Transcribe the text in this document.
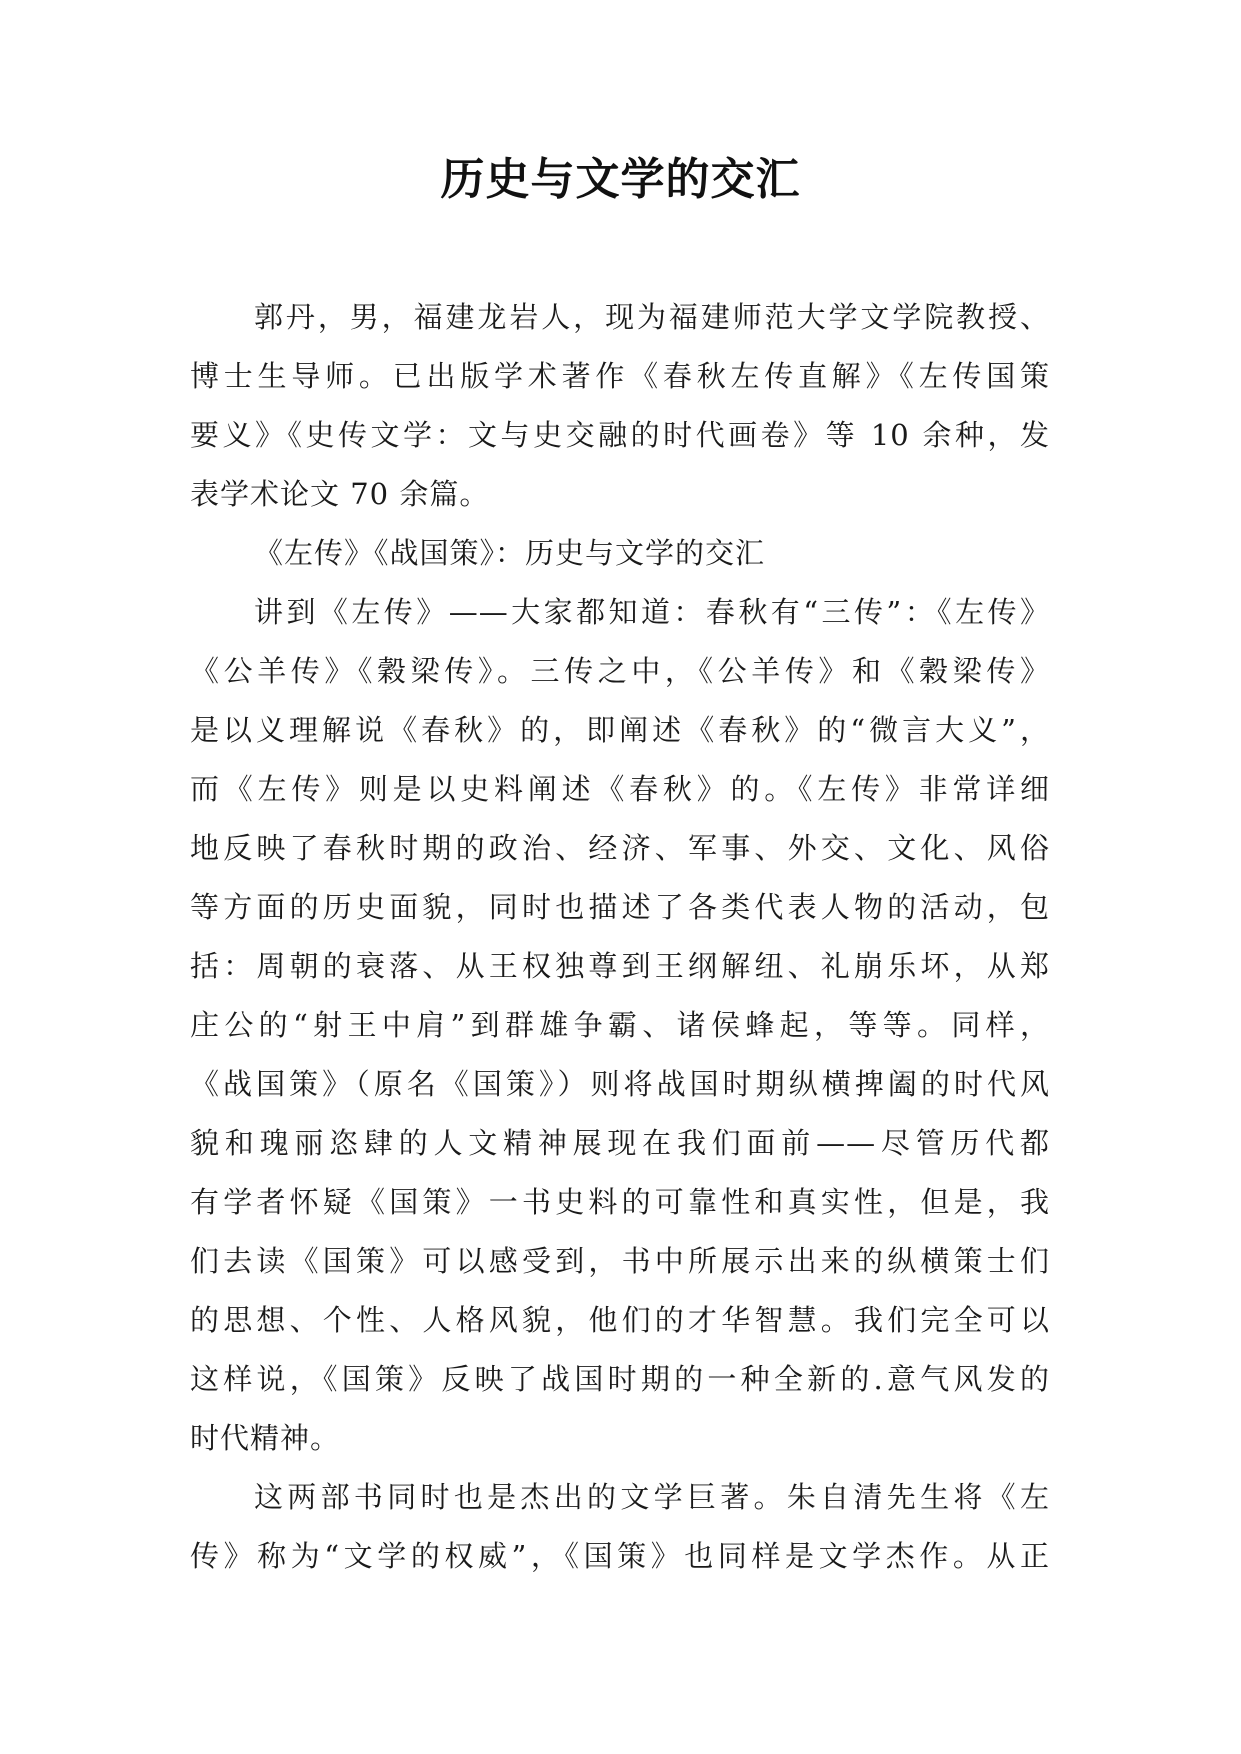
历史与文学的交汇
郭丹，男，福建龙岩人，现为福建师范大学文学院教授、
博士生导师。已出版学术著作《春秋左传直解》《左传国策
要义》《史传文学：文与史交融的时代画卷》等 10 余种，发
表学术论文 70 余篇。
《左传》《战国策》：历史与文学的交汇
讲到《左传》——大家都知道：春秋有“三传”：《左传》
《公羊传》《穀梁传》。三传之中，《公羊传》和《穀梁传》
是以义理解说《春秋》的，即阐述《春秋》的“微言大义”，
而《左传》则是以史料阐述《春秋》的。《左传》非常详细
地反映了春秋时期的政治、经济、军事、外交、文化、风俗
等方面的历史面貌，同时也描述了各类代表人物的活动，包
括：周朝的衰落、从王权独尊到王纲解纽、礼崩乐坏，从郑
庄公的“射王中肩”到群雄争霸、诸侯蜂起，等等。同样，
《战国策》（原名《国策》）则将战国时期纵横捭阖的时代风
貌和瑰丽恣肆的人文精神展现在我们面前——尽管历代都
有学者怀疑《国策》一书史料的可靠性和真实性，但是，我
们去读《国策》可以感受到，书中所展示出来的纵横策士们
的思想、个性、人格风貌，他们的才华智慧。我们完全可以
这样说，《国策》反映了战国时期的一种全新的.意气风发的
时代精神。
这两部书同时也是杰出的文学巨著。朱自清先生将《左
传》称为“文学的权威”，《国策》也同样是文学杰作。从正
